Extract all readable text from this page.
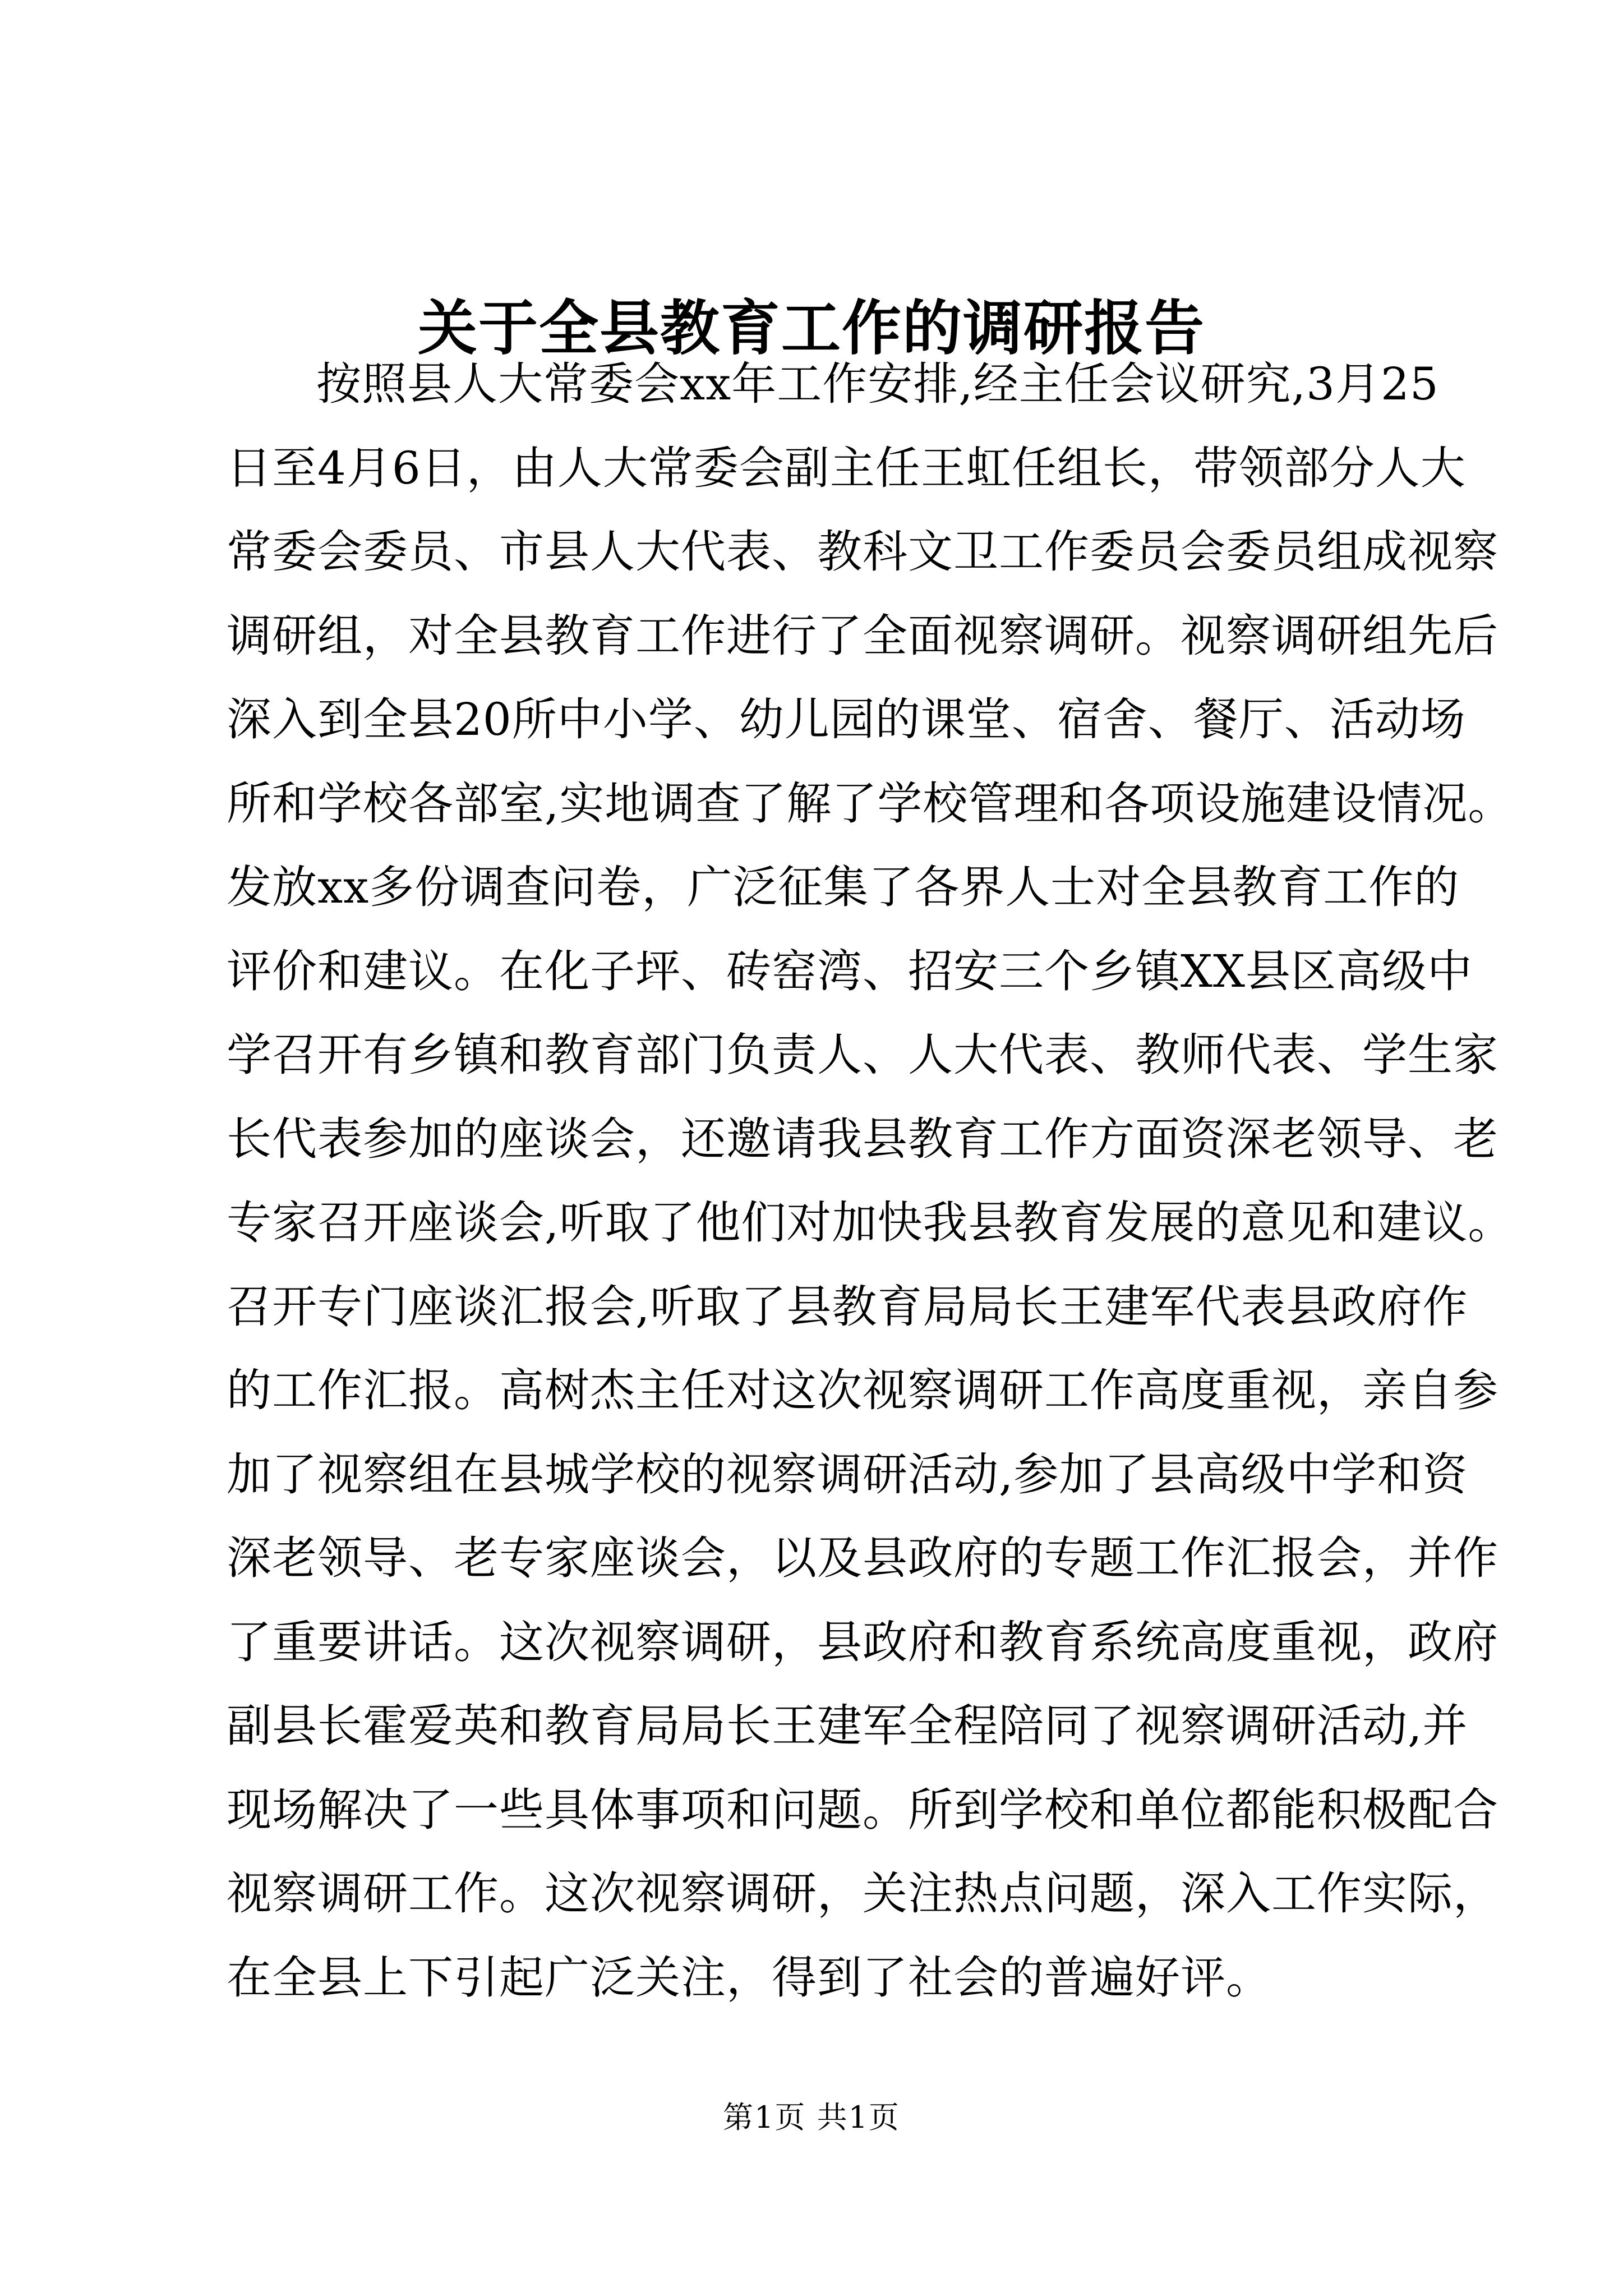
关于全县教育工作的调研报告
按照县人大常委会xx年工作安排,经主任会议研究,3月25
日至4月6日，由人大常委会副主任王虹任组长，带领部分人大
常委会委员、市县人大代表、教科文卫工作委员会委员组成视察
调研组，对全县教育工作进行了全面视察调研。视察调研组先后
深入到全县20所中小学、幼儿园的课堂、宿舍、餐厅、活动场
所和学校各部室,实地调查了解了学校管理和各项设施建设情况。
发放xx多份调查问卷，广泛征集了各界人士对全县教育工作的
评价和建议。在化子坪、砖窑湾、招安三个乡镇XX县区高级中
学召开有乡镇和教育部门负责人、人大代表、教师代表、学生家
长代表参加的座谈会，还邀请我县教育工作方面资深老领导、老
专家召开座谈会,听取了他们对加快我县教育发展的意见和建议。
召开专门座谈汇报会,听取了县教育局局长王建军代表县政府作
的工作汇报。高树杰主任对这次视察调研工作高度重视，亲自参
加了视察组在县城学校的视察调研活动,参加了县高级中学和资
深老领导、老专家座谈会，以及县政府的专题工作汇报会，并作
了重要讲话。这次视察调研，县政府和教育系统高度重视，政府
副县长霍爱英和教育局局长王建军全程陪同了视察调研活动,并
现场解决了一些具体事项和问题。所到学校和单位都能积极配合
视察调研工作。这次视察调研，关注热点问题，深入工作实际，
在全县上下引起广泛关注，得到了社会的普遍好评。
第1页 共1页
